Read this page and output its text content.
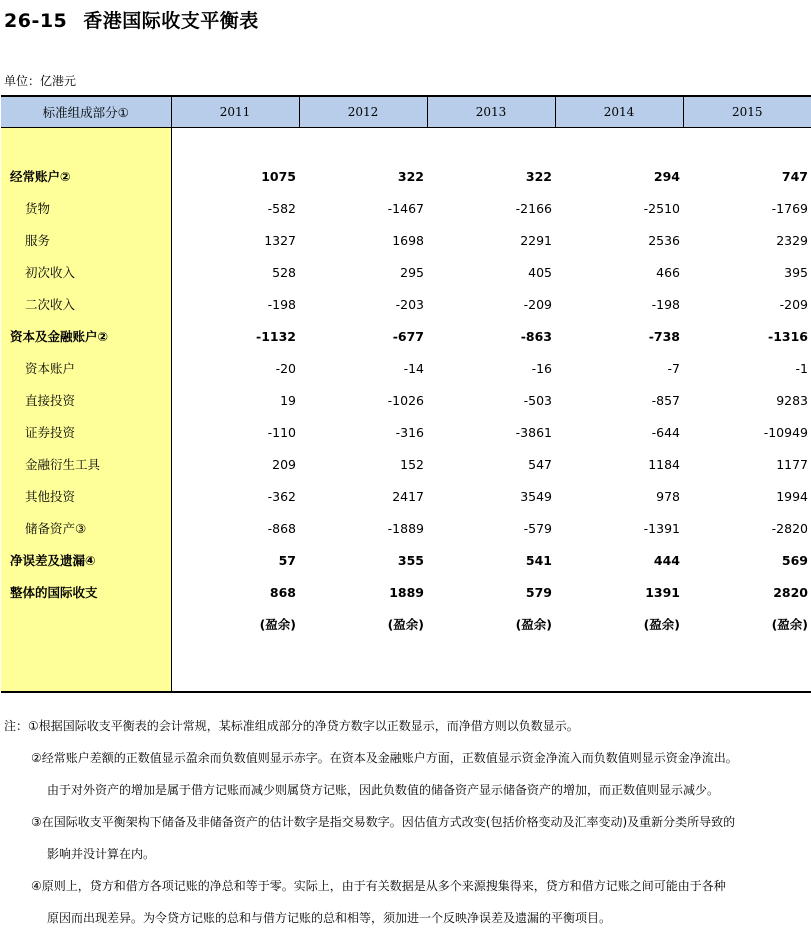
26-15 香港国际收支平衡表
单位：亿港元
标准组成部分①	2011	2012	2013	2014	2015

经常账户②	1075	322	322	294	747
货物	-582	-1467	-2166	-2510	-1769
服务	1327	1698	2291	2536	2329
初次收入	528	295	405	466	395
二次收入	-198	-203	-209	-198	-209
资本及金融账户②	-1132	-677	-863	-738	-1316
资本账户	-20	-14	-16	-7	-1
直接投资	19	-1026	-503	-857	9283
证券投资	-110	-316	-3861	-644	-10949
金融衍生工具	209	152	547	1184	1177
其他投资	-362	2417	3549	978	1994
储备资产③	-868	-1889	-579	-1391	-2820
净误差及遗漏④	57	355	541	444	569
整体的国际收支	868	1889	579	1391	2820
	(盈余)	(盈余)	(盈余)	(盈余)	(盈余)

注：①根据国际收支平衡表的会计常规，某标准组成部分的净贷方数字以正数显示，而净借方则以负数显示。

②经常账户差额的正数值显示盈余而负数值则显示赤字。在资本及金融账户方面，正数值显示资金净流入而负数值则显示资金净流出。

由于对外资产的增加是属于借方记账而减少则属贷方记账，因此负数值的储备资产显示储备资产的增加，而正数值则显示减少。

③在国际收支平衡架构下储备及非储备资产的估计数字是指交易数字。因估值方式改变(包括价格变动及汇率变动)及重新分类所导致的

影响并没计算在内。

④原则上，贷方和借方各项记账的净总和等于零。实际上，由于有关数据是从多个来源搜集得来，贷方和借方记账之间可能由于各种

原因而出现差异。为令贷方记账的总和与借方记账的总和相等，须加进一个反映净误差及遗漏的平衡项目。
